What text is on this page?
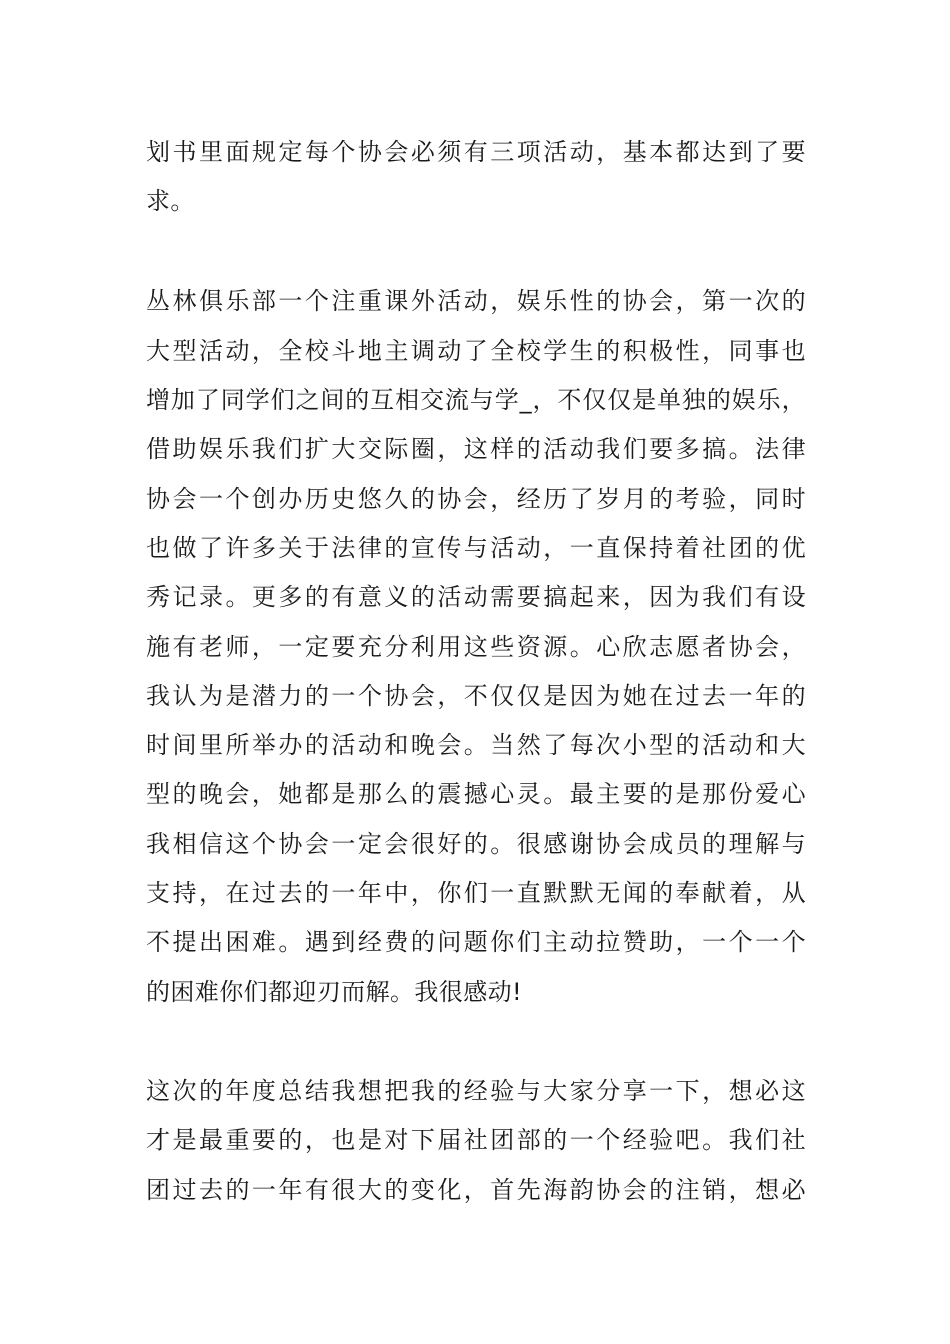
划书里面规定每个协会必须有三项活动，基本都达到了要
求。
丛林俱乐部一个注重课外活动，娱乐性的协会，第一次的
大型活动，全校斗地主调动了全校学生的积极性，同事也
增加了同学们之间的互相交流与学_，不仅仅是单独的娱乐，
借助娱乐我们扩大交际圈，这样的活动我们要多搞。法律
协会一个创办历史悠久的协会，经历了岁月的考验，同时
也做了许多关于法律的宣传与活动，一直保持着社团的优
秀记录。更多的有意义的活动需要搞起来，因为我们有设
施有老师，一定要充分利用这些资源。心欣志愿者协会，
我认为是潜力的一个协会，不仅仅是因为她在过去一年的
时间里所举办的活动和晚会。当然了每次小型的活动和大
型的晚会，她都是那么的震撼心灵。最主要的是那份爱心
我相信这个协会一定会很好的。很感谢协会成员的理解与
支持，在过去的一年中，你们一直默默无闻的奉献着，从
不提出困难。遇到经费的问题你们主动拉赞助，一个一个
的困难你们都迎刃而解。我很感动!
这次的年度总结我想把我的经验与大家分享一下，想必这
才是最重要的，也是对下届社团部的一个经验吧。我们社
团过去的一年有很大的变化，首先海韵协会的注销，想必
